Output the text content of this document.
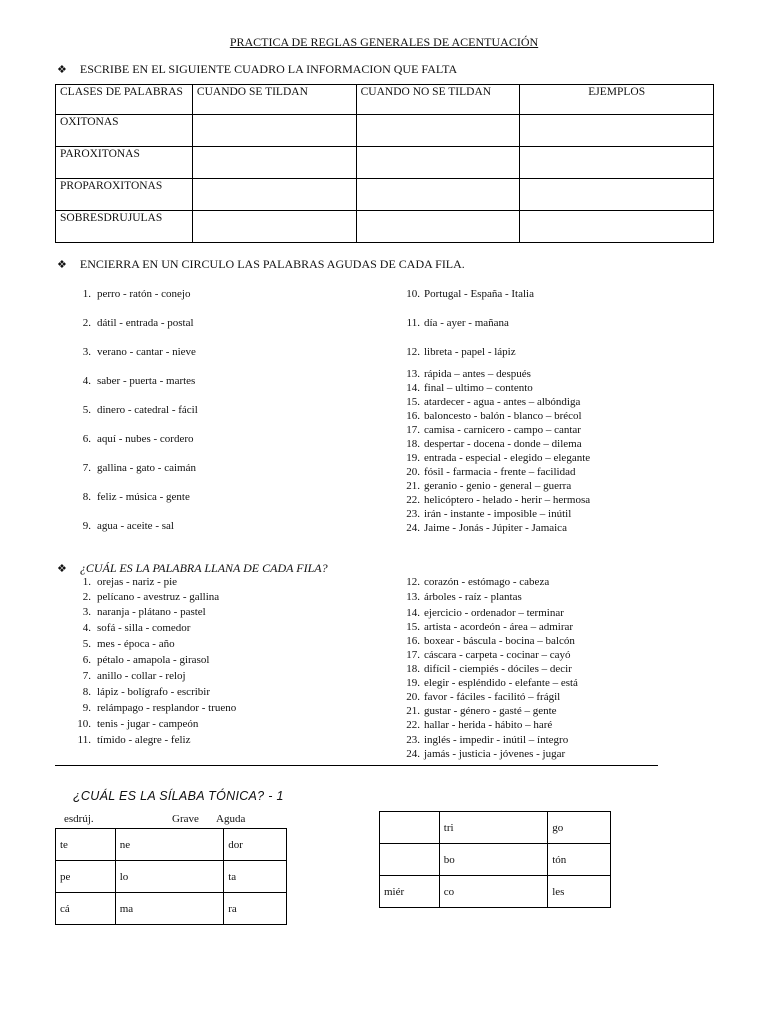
PRACTICA DE REGLAS GENERALES DE ACENTUACIÓN
❖ ESCRIBE EN EL SIGUIENTE CUADRO LA INFORMACION QUE FALTA
CLASES DE PALABRAS	CUANDO SE TILDAN	CUANDO NO SE TILDAN	EJEMPLOS
OXITONAS			
PAROXITONAS			
PROPAROXITONAS			
SOBRESDRUJULAS			
❖ ENCIERRA EN UN CIRCULO LAS PALABRAS AGUDAS DE CADA FILA.
1. perro - ratón - conejo
2. dátil - entrada - postal
3. verano - cantar - nieve
4. saber - puerta - martes
5. dinero - catedral - fácil
6. aquí - nubes - cordero
7. gallina - gato - caimán
8. feliz - música - gente
9. agua - aceite - sal
10. Portugal - España - Italia
11. día - ayer - mañana
12. libreta - papel - lápiz
13. rápida – antes – después
14. final – ultimo – contento
15. atardecer - agua - antes – albóndiga
16. baloncesto - balón - blanco – brécol
17. camisa - carnicero - campo – cantar
18. despertar - docena - donde – dilema
19. entrada - especial - elegido – elegante
20. fósil - farmacia - frente – facilidad
21. geranio - genio - general – guerra
22. helicóptero - helado - herir – hermosa
23. irán - instante - imposible – inútil
24. Jaime - Jonás - Júpiter - Jamaica
❖ ¿CUÁL ES LA PALABRA LLANA DE CADA FILA?
1. orejas - nariz - pie
2. pelícano - avestruz - gallina
3. naranja - plátano - pastel
4. sofá - silla - comedor
5. mes - época - año
6. pétalo - amapola - girasol
7. anillo - collar - reloj
8. lápiz - bolígrafo - escribir
9. relámpago - resplandor - trueno
10. tenis - jugar - campeón
11. tímido - alegre - feliz
12. corazón - estómago - cabeza
13. árboles - raíz - plantas
14. ejercicio - ordenador – terminar
15. artista - acordeón - área – admirar
16. boxear - báscula - bocina – balcón
17. cáscara - carpeta - cocinar – cayó
18. difícil - ciempiés - dóciles – decir
19. elegir - espléndido - elefante – está
20. favor - fáciles - facilitó – frágil
21. gustar - género - gasté – gente
22. hallar - herida - hábito – haré
23. inglés - impedir - inútil – íntegro
24. jamás - justicia - jóvenes - jugar
¿CUÁL ES LA SÍLABA TÓNICA? - 1
esdrúj.	Grave Aguda
te	ne	dor
pe	lo	ta
cá	ma	ra
	tri	go
	bo	tón
miér	co	les
